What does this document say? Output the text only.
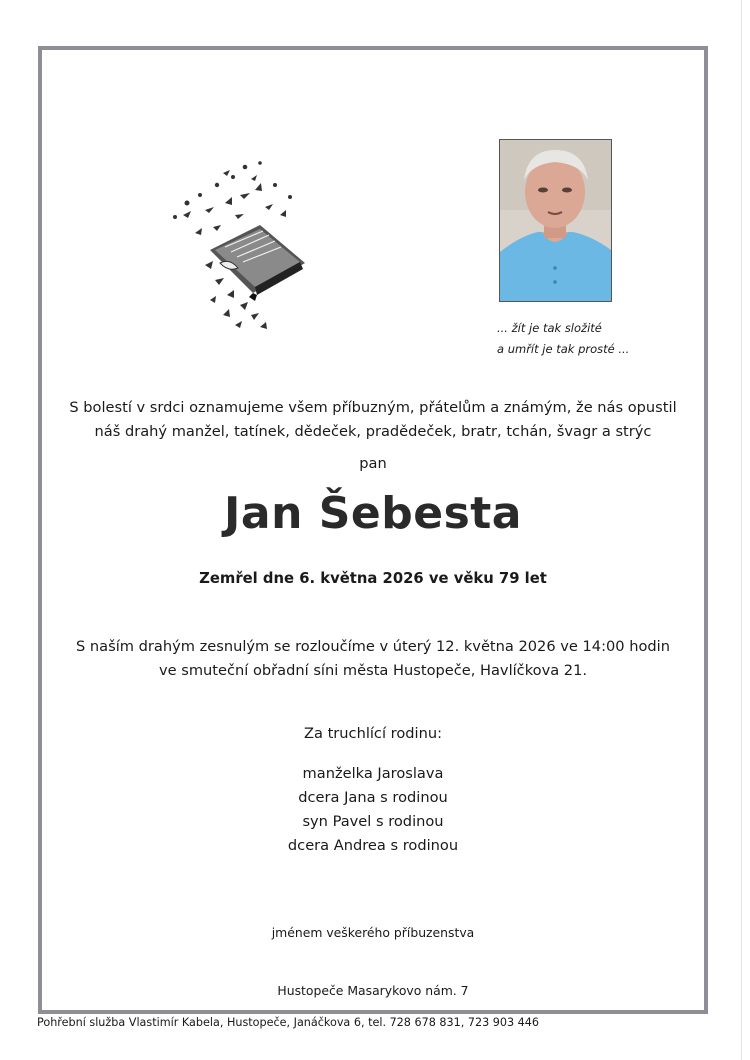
... žít je tak složité
a umřít je tak prosté ...
S bolestí v srdci oznamujeme všem příbuzným, přátelům a známým, že nás opustil
náš drahý manžel, tatínek, dědeček, pradědeček, bratr, tchán, švagr a strýc
pan
Jan Šebesta
Zemřel dne 6. května 2026 ve věku 79 let
S naším drahým zesnulým se rozloučíme v úterý 12. května 2026 ve 14:00 hodin
ve smuteční obřadní síni města Hustopeče, Havlíčkova 21.
Za truchlící rodinu:
manželka Jaroslava
dcera Jana s rodinou
syn Pavel s rodinou
dcera Andrea s rodinou
jménem veškerého příbuzenstva
Hustopeče Masarykovo nám. 7
Pohřební služba Vlastimír Kabela, Hustopeče, Janáčkova 6, tel. 728 678 831, 723 903 446
